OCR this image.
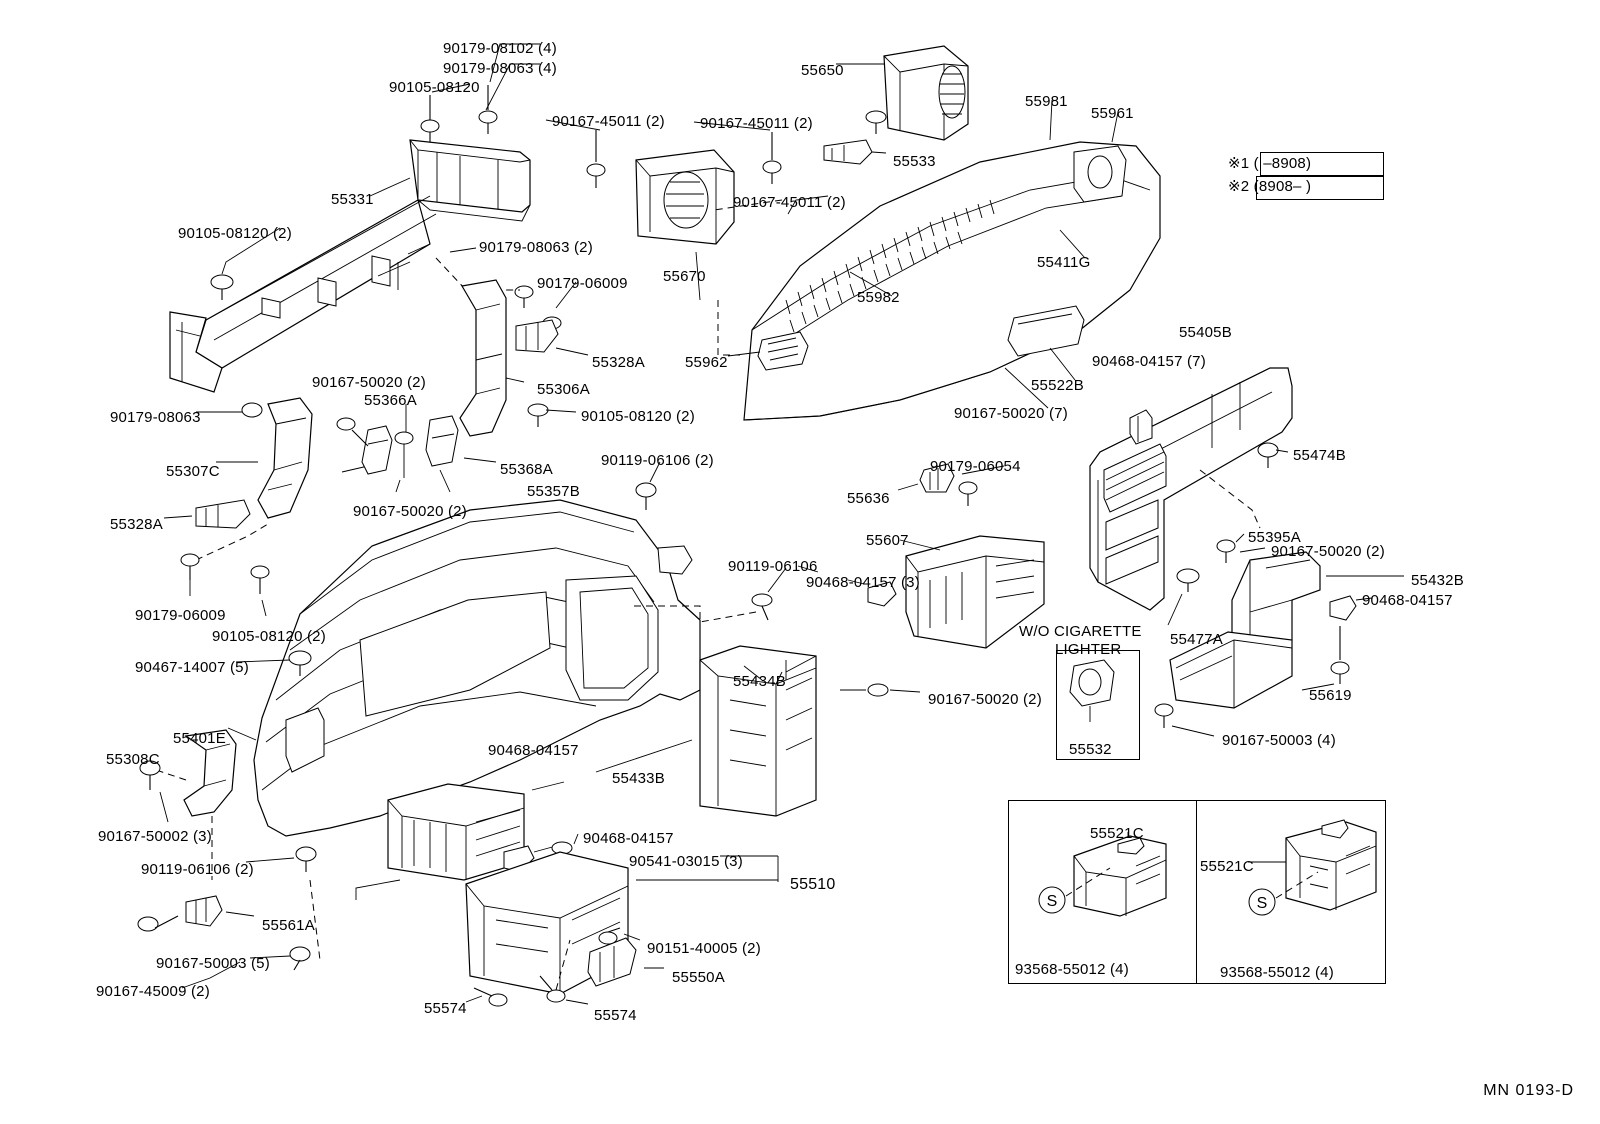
S	S
90179-08102 (4)
90179-08063 (4)
90105-08120
90167-45011 (2) 90167-45011 (2)
55650
55981
55961
55533
55331	90167-45011 (2)
90105-08120 (2)
90179-08063 (2)
55411G
55670
90179-06009
55982
55405B
55328A	55962	90468-04157 (7)
90167-50020 (2)	55306A
55366A
55522B
90179-08063	90105-08120 (2)	90167-50020 (7)
55474B
55307C	55368A
90119-06106 (2)	90179-06054
90167-50020 (2)
55357B	55636
55395A
55328A
55607
90167-50020 (2)
90119-06106
90468-04157 (3)	55432B
90179-06009
90468-04157
90105-08120 (2)	55477A
55619
90467-14007 (5)
55434B
90167-50020 (2)
55401E
55532
90167-50003 (4)
55308C
90468-04157
55433B
90167-50002 (3)	90468-04157	55521C
55521C
90541-03015 (3)
90119-06106 (2)
55510
55561A
90151-40005 (2)
90167-50003 (5)
55550A	93568-55012 (4)	93568-55012 (4)
90167-45009 (2)
55574	55574
※1 ( –8908)
※2 (8908– )
W/O CIGARETTE
LIGHTER
MN 0193-D
